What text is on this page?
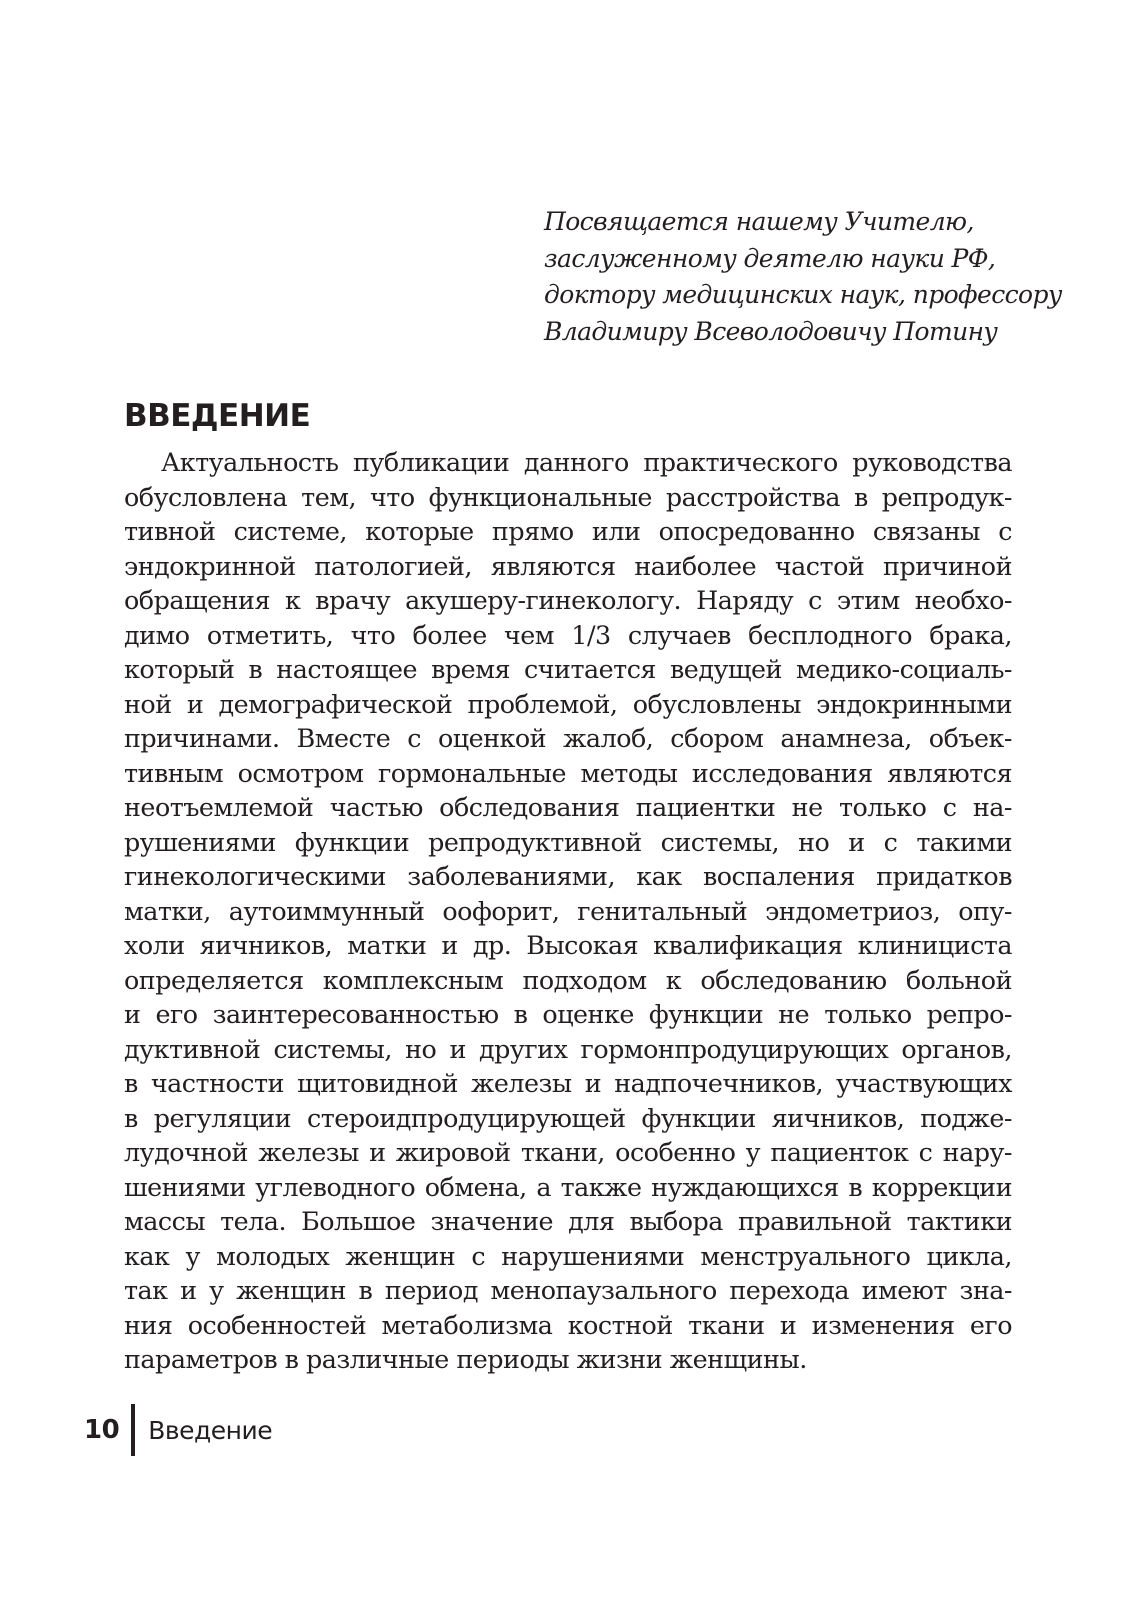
Посвящается нашему Учителю,
заслуженному деятелю науки РФ,
доктору медицинских наук, профессору
Владимиру Всеволодовичу Потину
ВВЕДЕНИЕ
Актуальность публикации данного практического руководства
обусловлена тем, что функциональные расстройства в репродук-
тивной системе, которые прямо или опосредованно связаны с
эндокринной патологией, являются наиболее частой причиной
обращения к врачу акушеру-гинекологу. Наряду с этим необхо-
димо отметить, что более чем 1/3 случаев бесплодного брака,
который в настоящее время считается ведущей медико-социаль-
ной и демографической проблемой, обусловлены эндокринными
причинами. Вместе с оценкой жалоб, сбором анамнеза, объек-
тивным осмотром гормональные методы исследования являются
неотъемлемой частью обследования пациентки не только с на-
рушениями функции репродуктивной системы, но и с такими
гинекологическими заболеваниями, как воспаления придатков
матки, аутоиммунный оофорит, генитальный эндометриоз, опу-
холи яичников, матки и др. Высокая квалификация клинициста
определяется комплексным подходом к обследованию больной
и его заинтересованностью в оценке функции не только репро-
дуктивной системы, но и других гормонпродуцирующих органов,
в частности щитовидной железы и надпочечников, участвующих
в регуляции стероидпродуцирующей функции яичников, подже-
лудочной железы и жировой ткани, особенно у пациенток с нару-
шениями углеводного обмена, а также нуждающихся в коррекции
массы тела. Большое значение для выбора правильной тактики
как у молодых женщин с нарушениями менструального цикла,
так и у женщин в период менопаузального перехода имеют зна-
ния особенностей метаболизма костной ткани и изменения его
параметров в различные периоды жизни женщины.
10 Введение
